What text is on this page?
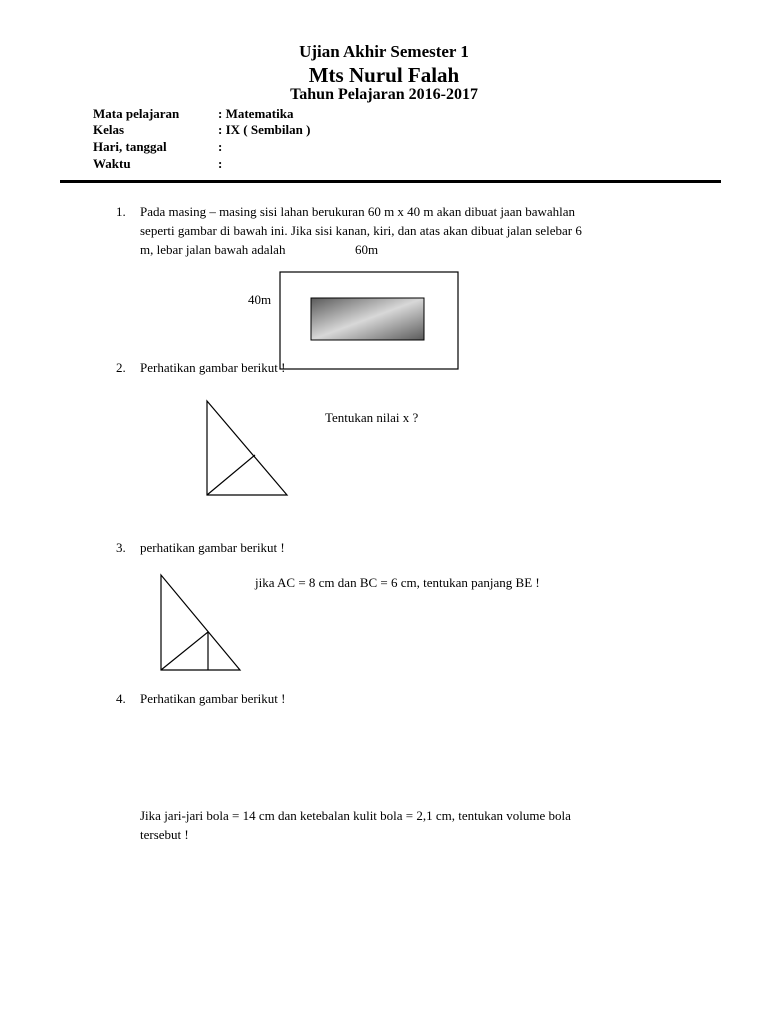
Ujian Akhir Semester 1
Mts Nurul Falah
Tahun Pelajaran 2016-2017
Mata pelajaran	: Matematika
Kelas	: IX ( Sembilan )
Hari, tanggal	:
Waktu	:
1. Pada masing – masing sisi lahan berukuran 60 m x 40 m akan dibuat jaan bawahlan
seperti gambar di bawah ini. Jika sisi kanan, kiri, dan atas akan dibuat jalan selebar 6
m, lebar jalan bawah adalah	60m
40m
2. Perhatikan gambar berikut !
Tentukan nilai x ?
3. perhatikan gambar berikut !
jika AC = 8 cm dan BC = 6 cm, tentukan panjang BE !
4. Perhatikan gambar berikut !
Jika jari-jari bola = 14 cm dan ketebalan kulit bola = 2,1 cm, tentukan volume bola
tersebut !
